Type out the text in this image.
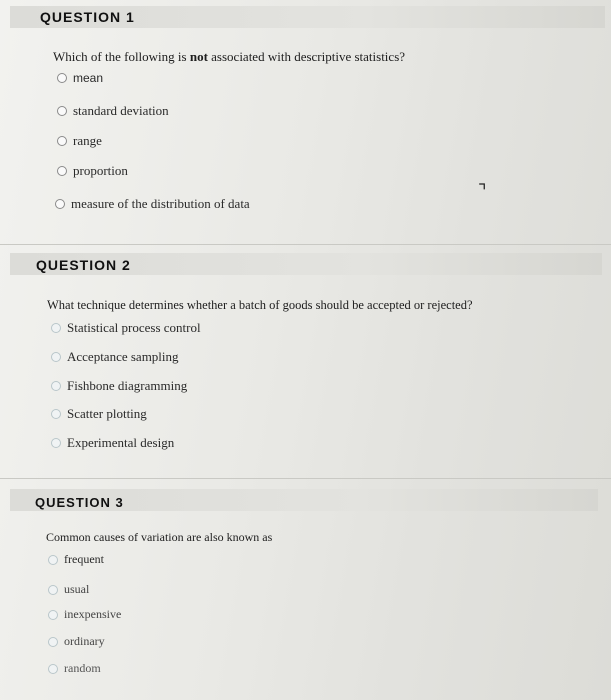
QUESTION 1
Which of the following is not associated with descriptive statistics?
mean
standard deviation
range
proportion
measure of the distribution of data
⌝
QUESTION 2
What technique determines whether a batch of goods should be accepted or rejected?
Statistical process control
Acceptance sampling
Fishbone diagramming
Scatter plotting
Experimental design
QUESTION 3
Common causes of variation are also known as
frequent
usual
inexpensive
ordinary
random
